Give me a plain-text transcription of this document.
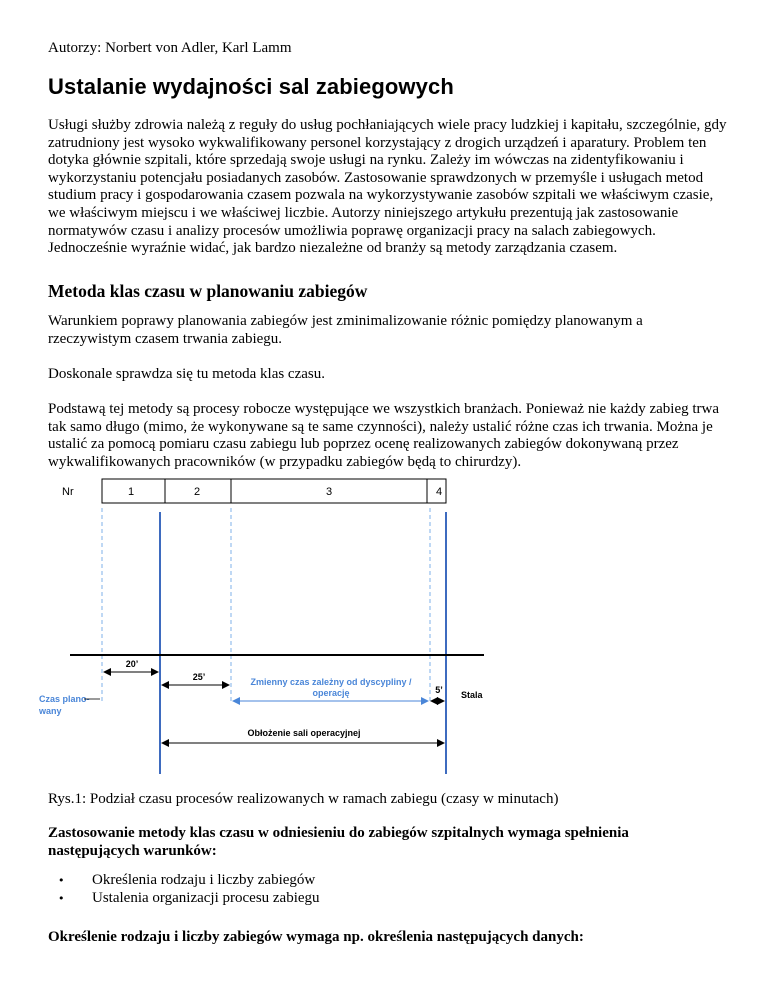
Autorzy: Norbert von Adler, Karl Lamm
Ustalanie wydajności sal zabiegowych

Usługi służby zdrowia należą z reguły do usług pochłaniających wiele pracy ludzkiej i kapitału, szczególnie, gdy zatrudniony jest wysoko wykwalifikowany personel korzystający z drogich urządzeń i aparatury. Problem ten dotyka głównie szpitali, które sprzedają swoje usługi na rynku. Zależy im wówczas na zidentyfikowaniu i wykorzystaniu potencjału posiadanych zasobów. Zastosowanie sprawdzonych w przemyśle i usługach metod studium pracy i gospodarowania czasem pozwala na wykorzystywanie zasobów szpitali we właściwym czasie, we właściwym miejscu i we właściwej liczbie. Autorzy niniejszego artykułu prezentują jak zastosowanie normatywów czasu i analizy procesów umożliwia poprawę organizacji pracy na salach zabiegowych. Jednocześnie wyraźnie widać, jak bardzo niezależne od branży są metody zarządzania czasem.

Metoda klas czasu w planowaniu zabiegów

Warunkiem poprawy planowania zabiegów jest zminimalizowanie różnic pomiędzy planowanym a rzeczywistym czasem trwania zabiegu.

Doskonale sprawdza się tu metoda klas czasu.

Podstawą tej metody są procesy robocze występujące we wszystkich branżach. Ponieważ nie każdy zabieg trwa tak samo długo (mimo, że wykonywane są te same czynności), należy ustalić różne czas ich trwania. Można je ustalić za pomocą pomiaru czasu zabiegu lub poprzez ocenę realizowanych zabiegów dokonywaną przez wykwalifikowanych pracowników (w przypadku zabiegów będą to chirurdzy).

Nr	1	2	3	4
20’
25’	Zmienny czas zależny od dyscypliny /
operację	5’ Stala
Czas plano-
wany
Obłożenie sali operacyjnej
Rys.1: Podział czasu procesów realizowanych w ramach zabiegu (czasy w minutach)

Zastosowanie metody klas czasu w odniesieniu do zabiegów szpitalnych wymaga spełnienia następujących warunków:

• Określenia rodzaju i liczby zabiegów
• Ustalenia organizacji procesu zabiegu
Określenie rodzaju i liczby zabiegów wymaga np. określenia następujących danych:
